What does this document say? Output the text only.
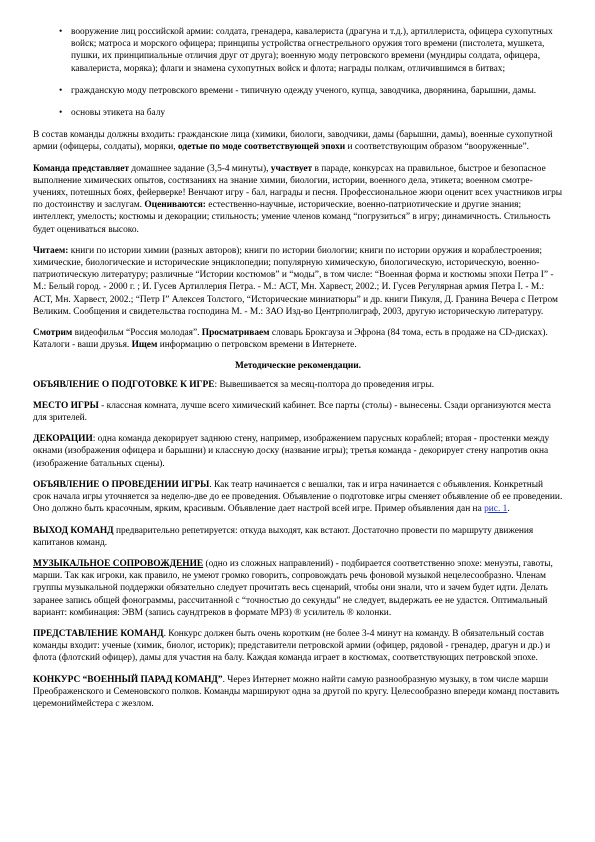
• вооружение лиц российской армии: солдата, гренадера, кавалериста (драгуна и т.д.), артиллериста, офицера сухопутных войск; матроса и морского офицера; принципы устройства огнестрельного оружия того времени (пистолета, мушкета, пушки, их принципиальные отличия друг от друга); военную моду петровского времени (мундиры солдата, офицера, кавалериста, моряка); флаги и знамена сухопутных войск и флота; награды полкам, отличившимся в битвах;
• гражданскую моду петровского времени - типичную одежду ученого, купца, заводчика, дворянина, барышни, дамы.
• основы этикета на балу

В состав команды должны входить: гражданские лица (химики, биологи, заводчики, дамы (барышни, дамы), военные сухопутной армии (офицеры, солдаты), моряки, одетые по моде соответствующей эпохи и соответствующим образом “вооруженные”.

Команда представляет домашнее задание (3,5-4 минуты), участвует в параде, конкурсах на правильное, быстрое и безопасное выполнение химических опытов, состязаниях на знание химии, биологии, истории, военного дела, этикета; военном смотре-учениях, потешных боях, фейерверке! Венчают игру - бал, награды и песня. Профессиональное жюри оценит всех участников игры по достоинству и заслугам. Оцениваются: естественно-научные, исторические, военно-патриотические и другие знания; интеллект, умелость; костюмы и декорации; стильность; умение членов команд “погрузиться” в игру; динамичность. Стильность будет оцениваться высоко.

Читаем: книги по истории химии (разных авторов); книги по истории биологии; книги по истории оружия и кораблестроения; химические, биологические и исторические энциклопедии; популярную химическую, биологическую, историческую, военно-патриотическую литературу; различные “Истории костюмов” и “моды”, в том числе: “Военная форма и костюмы эпохи Петра I” - М.: Белый город. - 2000 г. ; И. Гусев Артиллерия Петра. - М.: АСТ, Мн. Харвест, 2002.; И. Гусев Регулярная армия Петра I. - М.: АСТ, Мн. Харвест, 2002.; “Петр I” Алексея Толстого, “Исторические миниатюры” и др. книги Пикуля, Д. Гранина Вечера с Петром Великим. Сообщения и свидетельства господина М. - М.: ЗАО Изд-во Центрполиграф, 2003, другую историческую литературу.

Смотрим видеофильм “Россия молодая”. Просматриваем словарь Брокгауза и Эфрона (84 тома, есть в продаже на CD-дисках). Каталоги - ваши друзья. Ищем информацию о петровском времени в Интернете.

Методические рекомендации.

ОБЪЯВЛЕНИЕ О ПОДГОТОВКЕ К ИГРЕ: Вывешивается за месяц-полтора до проведения игры.

МЕСТО ИГРЫ - классная комната, лучше всего химический кабинет. Все парты (столы) - вынесены. Сзади организуются места для зрителей.

ДЕКОРАЦИИ: одна команда декорирует заднюю стену, например, изображением парусных кораблей; вторая - простенки между окнами (изображения офицера и барышни) и классную доску (название игры); третья команда - декорирует стену напротив окна (изображение батальных сцены).

ОБЪЯВЛЕНИЕ О ПРОВЕДЕНИИ ИГРЫ. Как театр начинается с вешалки, так и игра начинается с объявления. Конкретный срок начала игры уточняется за неделю-две до ее проведения. Объявление о подготовке игры сменяет объявление об ее проведении. Оно должно быть красочным, ярким, красивым. Объявление дает настрой всей игре. Пример объявления дан на рис. 1.

ВЫХОД КОМАНД предварительно репетируется: откуда выходят, как встают. Достаточно провести по маршруту движения капитанов команд.

МУЗЫКАЛЬНОЕ СОПРОВОЖДЕНИЕ (одно из сложных направлений) - подбирается соответственно эпохе: менуэты, гавоты, марши. Так как игроки, как правило, не умеют громко говорить, сопровождать речь фоновой музыкой нецелесообразно. Членам группы музыкальной поддержки обязательно следует прочитать весь сценарий, чтобы они знали, что и зачем будет идти. Делать заранее запись общей фонограммы, рассчитанной с “точностью до секунды” не следует, выдержать ее не удастся. Оптимальный вариант: комбинация: ЭВМ (запись саундтреков в формате МР3) ® усилитель ® колонки.

ПРЕДСТАВЛЕНИЕ КОМАНД. Конкурс должен быть очень коротким (не более 3-4 минут на команду. В обязательный состав команды входит: ученые (химик, биолог, историк); представители петровской армии (офицер, рядовой - гренадер, драгун и др.) и флота (флотский офицер), дамы для участия на балу. Каждая команда играет в костюмах, соответствующих петровской эпохе.

КОНКУРС “ВОЕННЫЙ ПАРАД КОМАНД”. Через Интернет можно найти самую разнообразную музыку, в том числе марши Преображенского и Семеновского полков. Команды маршируют одна за другой по кругу. Целесообразно впереди команд поставить церемониймейстера с жезлом.
